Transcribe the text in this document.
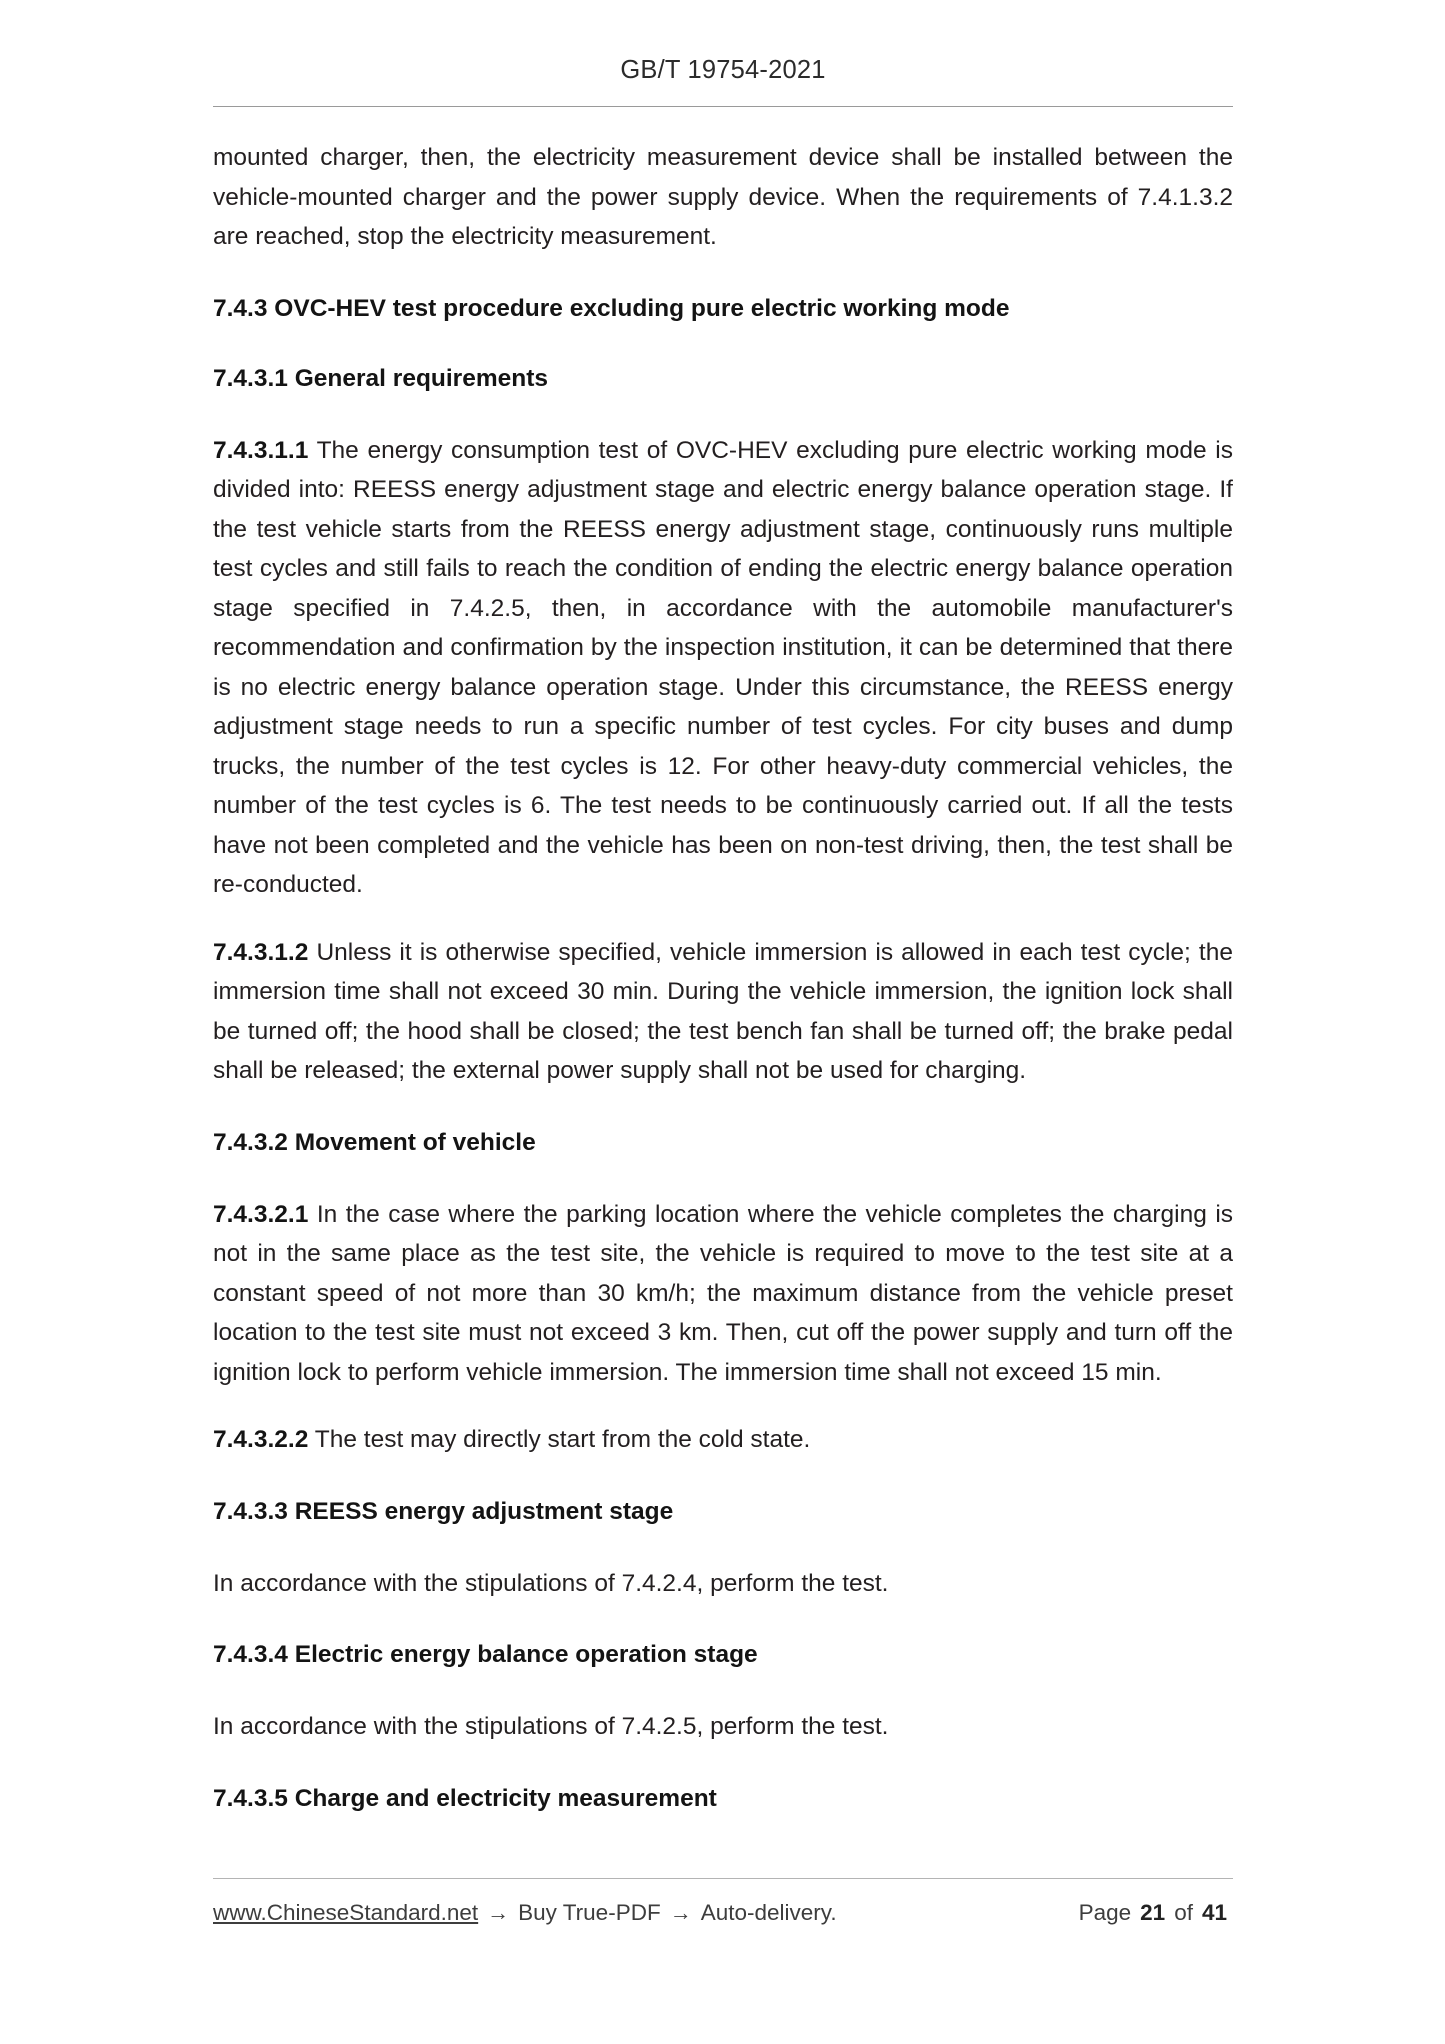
GB/T 19754-2021

mounted charger, then, the electricity measurement device shall be installed between the vehicle-mounted charger and the power supply device. When the requirements of 7.4.1.3.2 are reached, stop the electricity measurement.

7.4.3 OVC-HEV test procedure excluding pure electric working mode
7.4.3.1 General requirements

7.4.3.1.1 The energy consumption test of OVC-HEV excluding pure electric working mode is divided into: REESS energy adjustment stage and electric energy balance operation stage. If the test vehicle starts from the REESS energy adjustment stage, continuously runs multiple test cycles and still fails to reach the condition of ending the electric energy balance operation stage specified in 7.4.2.5, then, in accordance with the automobile manufacturer's recommendation and confirmation by the inspection institution, it can be determined that there is no electric energy balance operation stage. Under this circumstance, the REESS energy adjustment stage needs to run a specific number of test cycles. For city buses and dump trucks, the number of the test cycles is 12. For other heavy-duty commercial vehicles, the number of the test cycles is 6. The test needs to be continuously carried out. If all the tests have not been completed and the vehicle has been on non-test driving, then, the test shall be re-conducted.

7.4.3.1.2 Unless it is otherwise specified, vehicle immersion is allowed in each test cycle; the immersion time shall not exceed 30 min. During the vehicle immersion, the ignition lock shall be turned off; the hood shall be closed; the test bench fan shall be turned off; the brake pedal shall be released; the external power supply shall not be used for charging.

7.4.3.2 Movement of vehicle

7.4.3.2.1 In the case where the parking location where the vehicle completes the charging is not in the same place as the test site, the vehicle is required to move to the test site at a constant speed of not more than 30 km/h; the maximum distance from the vehicle preset location to the test site must not exceed 3 km. Then, cut off the power supply and turn off the ignition lock to perform vehicle immersion. The immersion time shall not exceed 15 min.

7.4.3.2.2 The test may directly start from the cold state.

7.4.3.3 REESS energy adjustment stage

In accordance with the stipulations of 7.4.2.4, perform the test.

7.4.3.4 Electric energy balance operation stage

In accordance with the stipulations of 7.4.2.5, perform the test.

7.4.3.5 Charge and electricity measurement
www.ChineseStandard.net → Buy True-PDF → Auto-delivery.	Page 21 of 41
